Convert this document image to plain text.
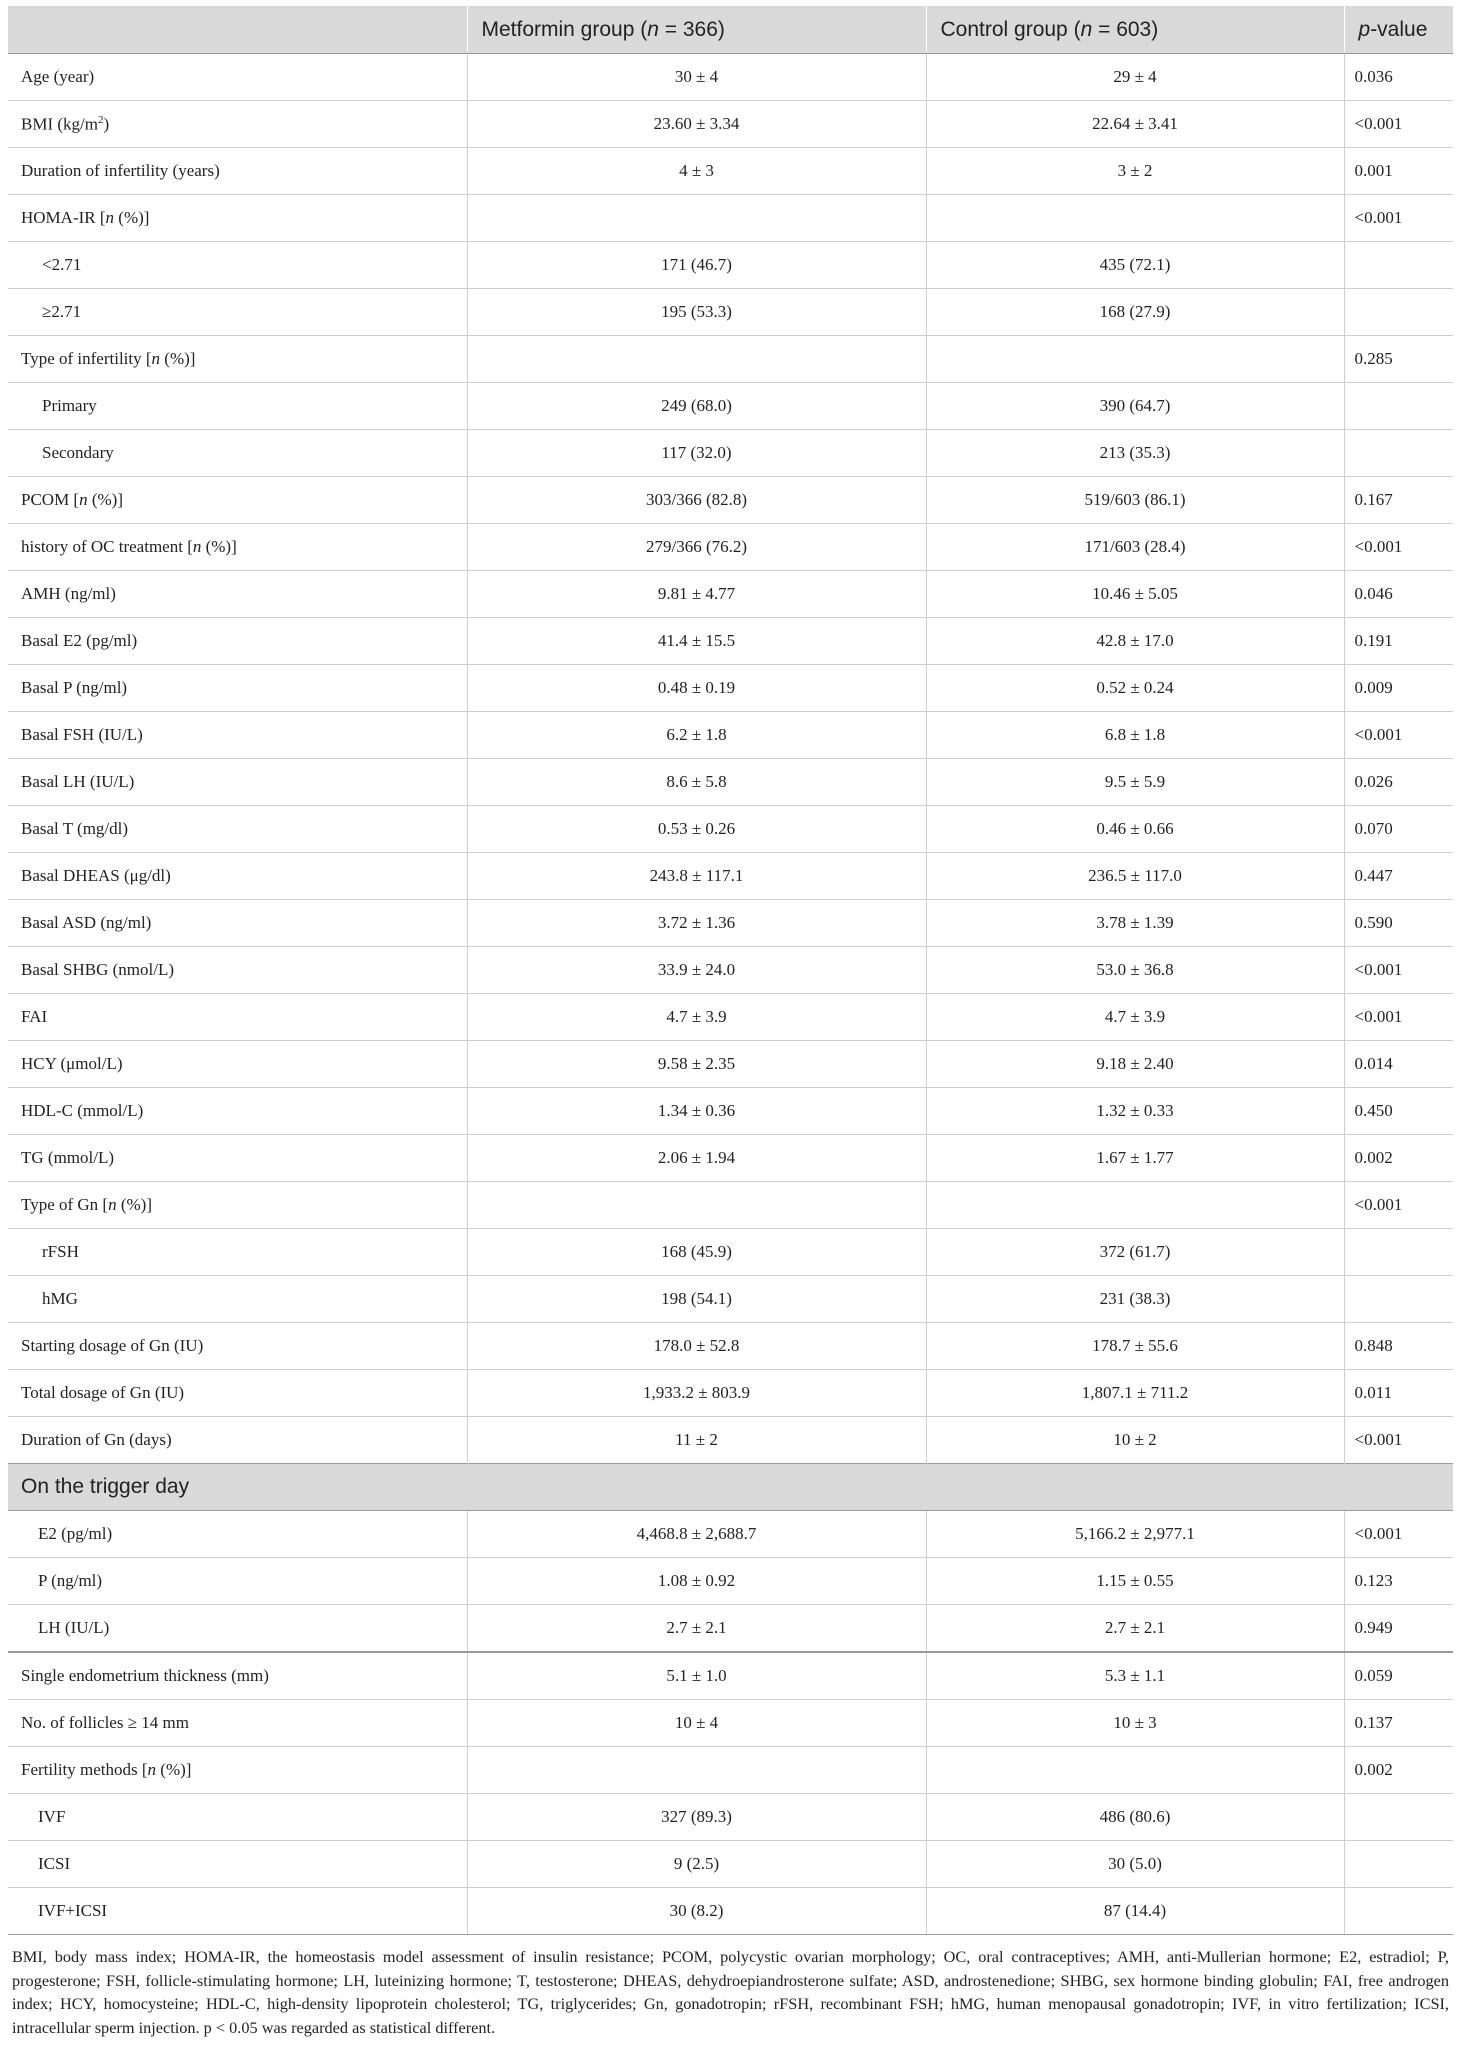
	Metformin group (n = 366)	Control group (n = 603)	p-value
Age (year)	30 ± 4	29 ± 4	0.036
BMI $(kg/m^2)$	23.60 ± 3.34	22.64 ± 3.41	<0.001
Duration of infertility (years)	4 ± 3	3 ± 2	0.001
HOMA-IR [n (%)]			<0.001
<2.71	171 (46.7)	435 (72.1)	
≥2.71	195 (53.3)	168 (27.9)	
Type of infertility [n (%)]			0.285
Primary	249 (68.0)	390 (64.7)	
Secondary	117 (32.0)	213 (35.3)	
PCOM [n (%)]	303/366 (82.8)	519/603 (86.1)	0.167
history of OC treatment [n (%)]	279/366 (76.2)	171/603 (28.4)	<0.001
AMH (ng/ml)	9.81 ± 4.77	10.46 ± 5.05	0.046
Basal E2 (pg/ml)	41.4 ± 15.5	42.8 ± 17.0	0.191
Basal P (ng/ml)	0.48 ± 0.19	0.52 ± 0.24	0.009
Basal FSH (IU/L)	6.2 ± 1.8	6.8 ± 1.8	<0.001
Basal LH (IU/L)	8.6 ± 5.8	9.5 ± 5.9	0.026
Basal T (mg/dl)	0.53 ± 0.26	0.46 ± 0.66	0.070
Basal DHEAS (μg/dl)	243.8 ± 117.1	236.5 ± 117.0	0.447
Basal ASD (ng/ml)	3.72 ± 1.36	3.78 ± 1.39	0.590
Basal SHBG (nmol/L)	33.9 ± 24.0	53.0 ± 36.8	<0.001
FAI	4.7 ± 3.9	4.7 ± 3.9	<0.001
HCY (μmol/L)	9.58 ± 2.35	9.18 ± 2.40	0.014
HDL-C (mmol/L)	1.34 ± 0.36	1.32 ± 0.33	0.450
TG (mmol/L)	2.06 ± 1.94	1.67 ± 1.77	0.002
Type of Gn [n (%)]			<0.001
rFSH	168 (45.9)	372 (61.7)	
hMG	198 (54.1)	231 (38.3)	
Starting dosage of Gn (IU)	178.0 ± 52.8	178.7 ± 55.6	0.848
Total dosage of Gn (IU)	1,933.2 ± 803.9	1,807.1 ± 711.2	0.011
Duration of Gn (days)	11 ± 2	10 ± 2	<0.001
On the trigger day			
E2 (pg/ml)	4,468.8 ± 2,688.7	5,166.2 ± 2,977.1	<0.001
P (ng/ml)	1.08 ± 0.92	1.15 ± 0.55	0.123
LH (IU/L)	2.7 ± 2.1	2.7 ± 2.1	0.949
Single endometrium thickness (mm)	5.1 ± 1.0	5.3 ± 1.1	0.059
No. of follicles ≥ 14 mm	10 ± 4	10 ± 3	0.137
Fertility methods [n (%)]			0.002
IVF	327 (89.3)	486 (80.6)	
ICSI	9 (2.5)	30 (5.0)	
IVF+ICSI	30 (8.2)	87 (14.4)	

BMI, body mass index; HOMA-IR, the homeostasis model assessment of insulin resistance; PCOM, polycystic ovarian morphology; OC, oral contraceptives; AMH, anti-Mullerian hormone; E2, estradiol; P, progesterone; FSH, follicle-stimulating hormone; LH, luteinizing hormone; T, testosterone; DHEAS, dehydroepiandrosterone sulfate; ASD, androstenedione; SHBG, sex hormone binding globulin; FAI, free androgen index; HCY, homocysteine; HDL-C, high-density lipoprotein cholesterol; TG, triglycerides; Gn, gonadotropin; rFSH, recombinant FSH; hMG, human menopausal gonadotropin; IVF, in vitro fertilization; ICSI, intracellular sperm injection. p < 0.05 was regarded as statistical different.
